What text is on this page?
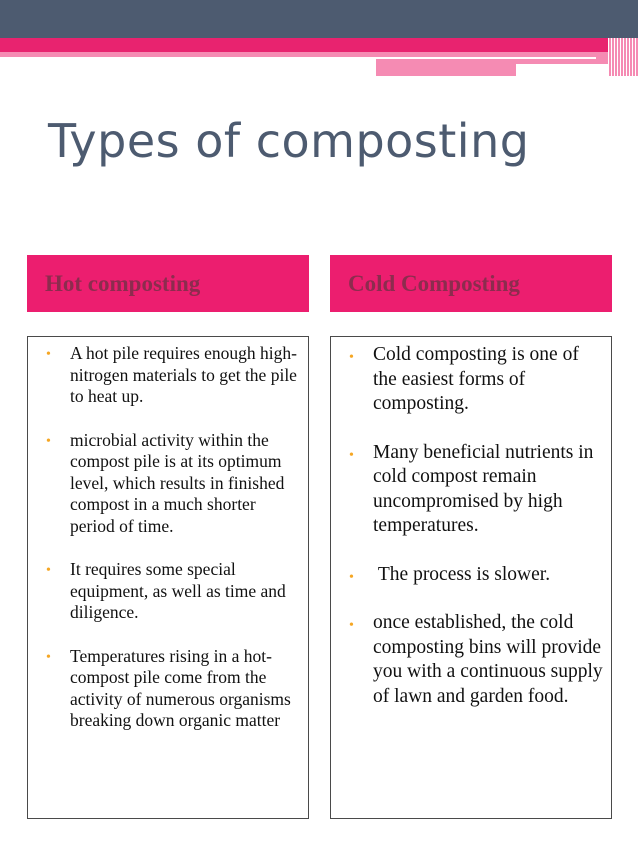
Types of composting
Hot composting	Cold Composting
• A hot pile requires enough high-nitrogen materials to get the pile to heat up.
• microbial activity within the compost pile is at its optimum level, which results in finished compost in a much shorter period of time.
• It requires some special equipment, as well as time and diligence.
• Temperatures rising in a hot-compost pile come from the activity of numerous organisms breaking down organic matter
• Cold composting is one of the easiest forms of composting.
• Many beneficial nutrients in cold compost remain uncompromised by high temperatures.
• The process is slower.
• once established, the cold composting bins will provide you with a continuous supply of lawn and garden food.
